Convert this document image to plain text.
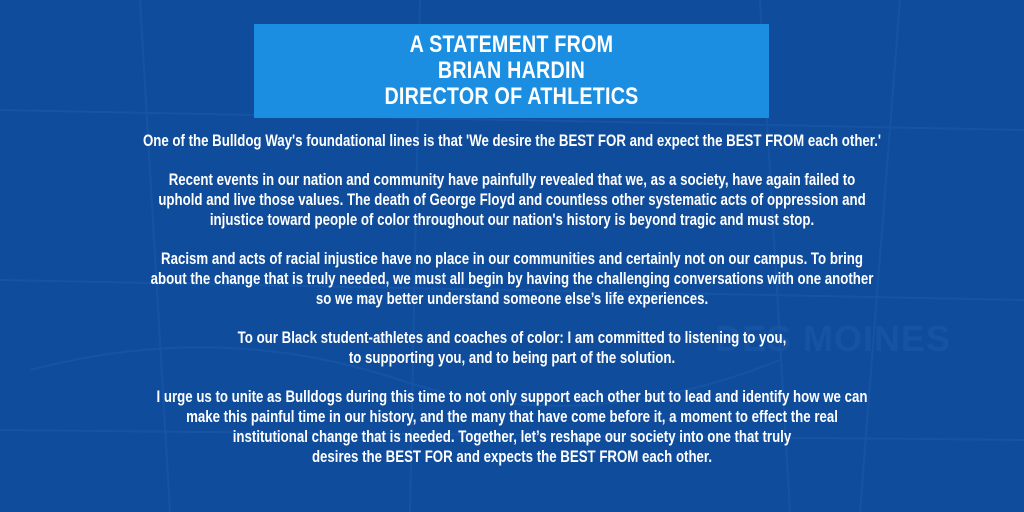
DES MOINES
A STATEMENT FROM
BRIAN HARDIN
DIRECTOR OF ATHLETICS
One of the Bulldog Way's foundational lines is that 'We desire the BEST FOR and expect the BEST FROM each other.'
Recent events in our nation and community have painfully revealed that we, as a society, have again failed to
uphold and live those values. The death of George Floyd and countless other systematic acts of oppression and
injustice toward people of color throughout our nation's history is beyond tragic and must stop.
Racism and acts of racial injustice have no place in our communities and certainly not on our campus. To bring
about the change that is truly needed, we must all begin by having the challenging conversations with one another
so we may better understand someone else’s life experiences.
To our Black student-athletes and coaches of color: I am committed to listening to you,
to supporting you, and to being part of the solution.
I urge us to unite as Bulldogs during this time to not only support each other but to lead and identify how we can
make this painful time in our history, and the many that have come before it, a moment to effect the real
institutional change that is needed. Together, let’s reshape our society into one that truly
desires the BEST FOR and expects the BEST FROM each other.
